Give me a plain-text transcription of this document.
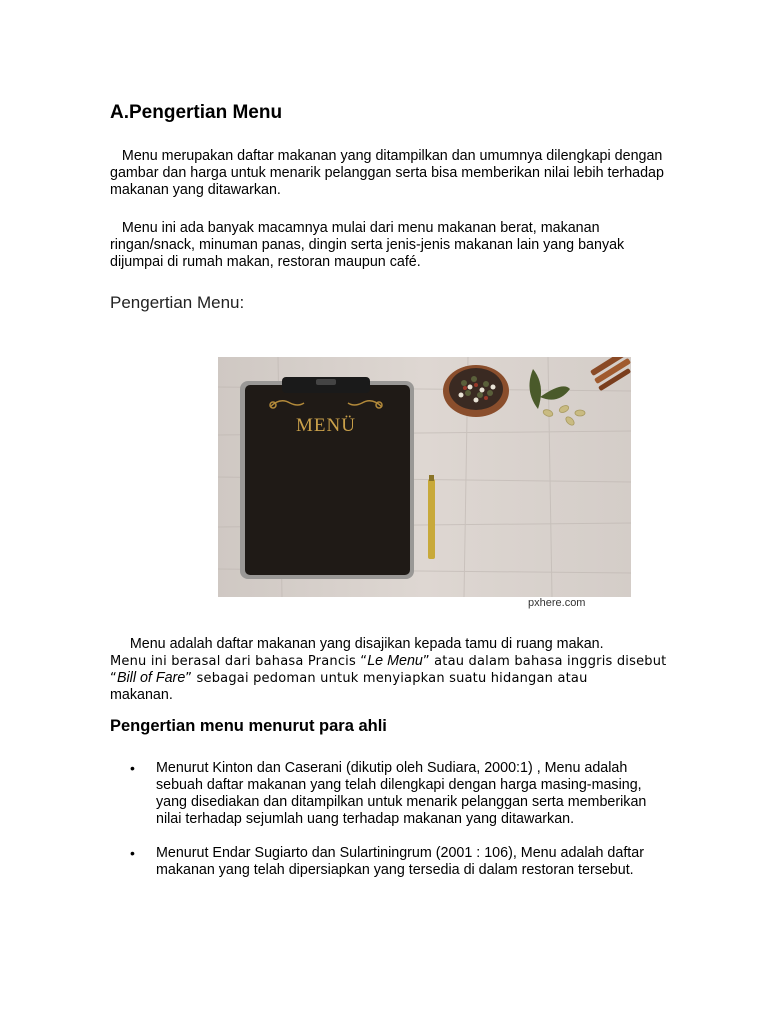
A.Pengertian Menu

Menu merupakan daftar makanan yang ditampilkan dan umumnya dilengkapi dengan gambar dan harga untuk menarik pelanggan serta bisa memberikan nilai lebih terhadap makanan yang ditawarkan.

Menu ini ada banyak macamnya mulai dari menu makanan berat, makanan ringan/snack, minuman panas, dingin serta jenis-jenis makanan lain yang banyak dijumpai di rumah makan, restoran maupun café.

Pengertian Menu:
MENÜ
pxhere.com

Menu adalah daftar makanan yang disajikan kepada tamu di ruang makan.
Menu ini berasal dari bahasa Prancis “Le Menu” atau dalam bahasa inggris disebut “Bill of Fare” sebagai pedoman untuk menyiapkan suatu hidangan atau
makanan.

Pengertian menu menurut para ahli
• Menurut Kinton dan Caserani (dikutip oleh Sudiara, 2000:1) , Menu adalah sebuah daftar makanan yang telah dilengkapi dengan harga masing-masing, yang disediakan dan ditampilkan untuk menarik pelanggan serta memberikan nilai terhadap sejumlah uang terhadap makanan yang ditawarkan.
• Menurut Endar Sugiarto dan Sulartiningrum (2001 : 106), Menu adalah daftar makanan yang telah dipersiapkan yang tersedia di dalam restoran tersebut.
